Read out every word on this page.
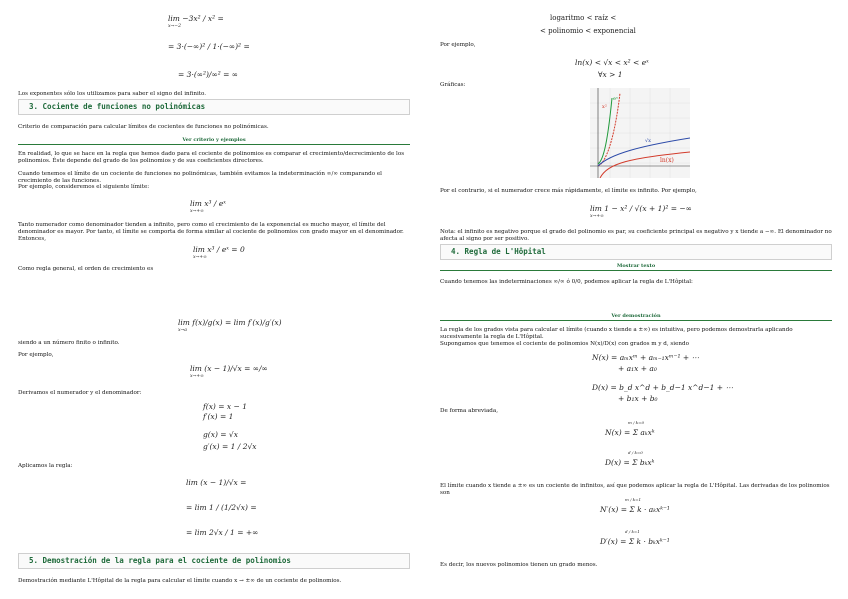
lim −3x² / x² =
x→−2
= 3·(−∞)² / 1·(−∞)² =
= 3·(∞²)/∞² = ∞
Los exponentes sólo los utilizamos para saber el signo del infinito.
3. Cociente de funciones no polinómicas
Criterio de comparación para calcular límites de cocientes de funciones no polinómicas.
Ver criterio y ejemplos
En realidad, lo que se hace en la regla que hemos dado para el cociente de polinomios es comparar el crecimiento/decrecimiento de los polinomios. Éste depende del grado de los polinomios y de sus coeficientes directores.
Cuando tenemos el límite de un cociente de funciones no polinómicas, también evitamos la indeterminación ∞/∞ comparando el crecimiento de las funciones.
Por ejemplo, consideremos el siguiente límite:
lim x³ / eˣ
x→+∞
Tanto numerador como denominador tienden a infinito, pero como el crecimiento de la exponencial es mucho mayor, el límite del denominador es mayor. Por tanto, el límite se comporta de forma similar al cociente de polinomios con grado mayor en el denominador. Entonces,
lim x³ / eˣ = 0
x→+∞
Como regla general, el orden de crecimiento es
lim f(x)/g(x) = lim f′(x)/g′(x)
x→a
siendo a un número finito o infinito.
Por ejemplo,
lim (x − 1)/√x = ∞/∞
x→+∞
Derivamos el numerador y el denominador:
f(x) = x − 1
f′(x) = 1
g(x) = √x
g′(x) = 1 / 2√x
Aplicamos la regla:
lim (x − 1)/√x =
= lim 1 / (1/2√x) =
= lim 2√x / 1 = +∞
5. Demostración de la regla para el cociente de polinomios
Demostración mediante L'Hôpital de la regla para calcular el límite cuando x → ±∞ de un cociente de polinomios.
logaritmo < raíz <
< polinomio < exponencial
Por ejemplo,
ln(x) < √x < x² < eˣ
∀x > 1
Gráficas:
eˣ
x²
√x
ln(x)
Por el contrario, si el numerador crece más rápidamente, el límite es infinito. Por ejemplo,
lim 1 − x² / √(x + 1)² = −∞
x→+∞
Nota: el infinito es negativo porque el grado del polinomio es par, su coeficiente principal es negativo y x tiende a −∞. El denominador no afecta al signo por ser positivo.
4. Regla de L'Hôpital
Mostrar texto
Cuando tenemos las indeterminaciones ∞/∞ ó 0/0, podemos aplicar la regla de L'Hôpital:
Ver demostración
La regla de los grados vista para calcular el límite (cuando x tiende a ±∞) es intuitiva, pero podemos demostrarla aplicando sucesivamente la regla de L'Hôpital.
Supongamos que tenemos el cociente de polinomios N(x)/D(x) con grados m y d, siendo
N(x) = aₘxᵐ + aₘ₋₁xᵐ⁻¹ + ⋯
+ a₁x + a₀
D(x) = b_d x^d + b_d−1 x^d−1 + ⋯
+ b₁x + b₀
De forma abreviada,
N(x) = Σ aₖxᵏ
m / k=0
D(x) = Σ bₖxᵏ
d / k=0
El límite cuando x tiende a ±∞ es un cociente de infinitos, así que podemos aplicar la regla de L'Hôpital. Las derivadas de los polinomios son
N′(x) = Σ k · aₖxᵏ⁻¹
m / k=1
D′(x) = Σ k · bₖxᵏ⁻¹
d / k=1
Es decir, los nuevos polinomios tienen un grado menos.
